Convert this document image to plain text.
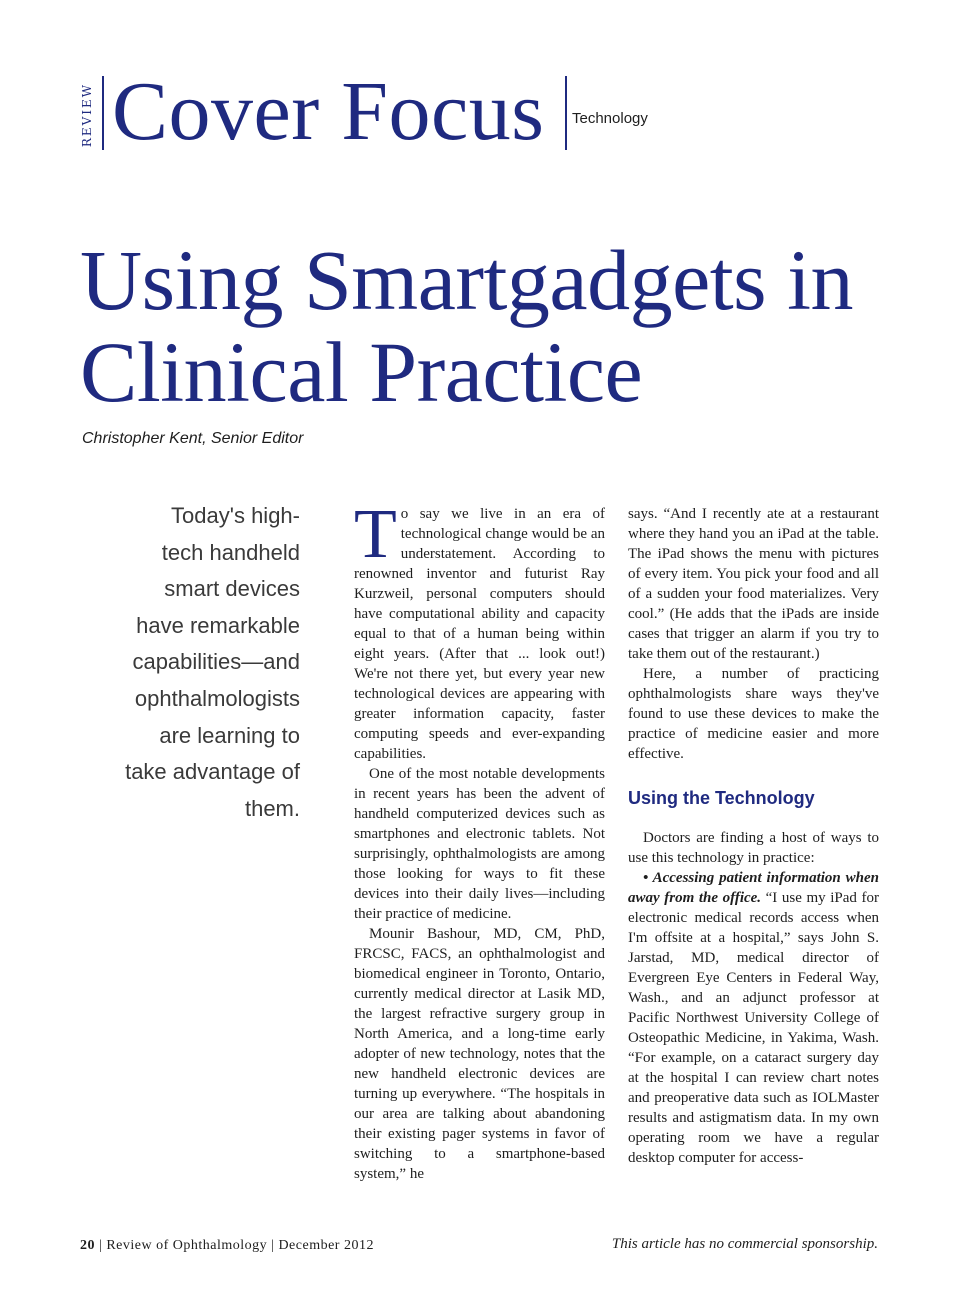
REVIEW Cover Focus Technology
Using Smartgadgets in
Clinical Practice
Christopher Kent, Senior Editor
Today's high-
tech handheld
smart devices
have remarkable
capabilities—and
ophthalmologists
are learning to
take advantage of
them.

To say we live in an era of technological change would be an understatement. According to renowned inventor and futurist Ray Kurzweil, personal computers should have computational ability and capacity equal to that of a human being within eight years. (After that ... look out!) We're not there yet, but every year new technological devices are appearing with greater information capacity, faster computing speeds and ever-expanding capabilities.

One of the most notable developments in recent years has been the advent of handheld computerized devices such as smartphones and electronic tablets. Not surprisingly, ophthalmologists are among those looking for ways to fit these devices into their daily lives—including their practice of medicine.

Mounir Bashour, MD, CM, PhD, FRCSC, FACS, an ophthalmologist and biomedical engineer in Toronto, Ontario, currently medical director at Lasik MD, the largest refractive surgery group in North America, and a long-time early adopter of new technology, notes that the new handheld electronic devices are turning up everywhere. “The hospitals in our area are talking about abandoning their existing pager systems in favor of switching to a smartphone-based system,” he

says. “And I recently ate at a restaurant where they hand you an iPad at the table. The iPad shows the menu with pictures of every item. You pick your food and all of a sudden your food materializes. Very cool.” (He adds that the iPads are inside cases that trigger an alarm if you try to take them out of the restaurant.)

Here, a number of practicing ophthalmologists share ways they've found to use these devices to make the practice of medicine easier and more effective.

Using the Technology

Doctors are finding a host of ways to use this technology in practice:

• Accessing patient information when away from the office. “I use my iPad for electronic medical records access when I'm offsite at a hospital,” says John S. Jarstad, MD, medical director of Evergreen Eye Centers in Federal Way, Wash., and an adjunct professor at Pacific Northwest University College of Osteopathic Medicine, in Yakima, Wash. “For example, on a cataract surgery day at the hospital I can review chart notes and preoperative data such as IOLMaster results and astigmatism data. In my own operating room we have a regular desktop computer for access-

20 | Review of Ophthalmology | December 2012	This article has no commercial sponsorship.
